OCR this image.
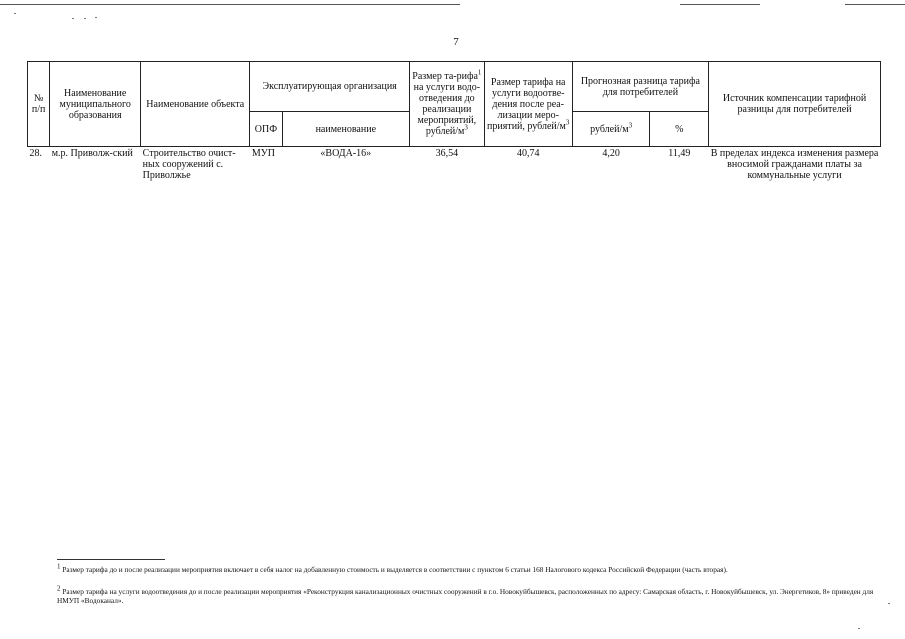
7
№ п/п	Наименование муниципального образования	Наименование объекта	Эксплуатирующая организация		Размер та-рифа$^1$ на услуги водо-отведения до реализации мероприятий, рублей/$м^3$	Размер тарифа на услуги водоотве-дения после реа-лизации меро-приятий, рублей/$м^3$	Прогнозная разница тарифа для потребителей		Источник компенсации тарифной разницы для потребителей
			ОПФ	наименование			рублей/$м^3$	%	
28.	м.р. Приволж-ский	Строительство очист-ных сооружений с. Приволжье	МУП	«ВОДА-16»	36,54	40,74	4,20	11,49	В пределах индекса изменения размера вносимой гражданами платы за коммунальные услуги
$^1$ Размер тарифа до и после реализации мероприятия включает в себя налог на добавленную стоимость и выделяется в соответствии с пунктом 6 статьи 168 Налогового кодекса Российской Федерации (часть вторая).
$^2$ Размер тарифа на услуги водоотведения до и после реализации мероприятия «Реконструкция канализационных очистных сооружений в г.о. Новокуйбышевск, расположенных по адресу: Самарская область, г. Новокуйбышевск, ул. Энергетиков, 8» приведен для НМУП «Водоканал».
